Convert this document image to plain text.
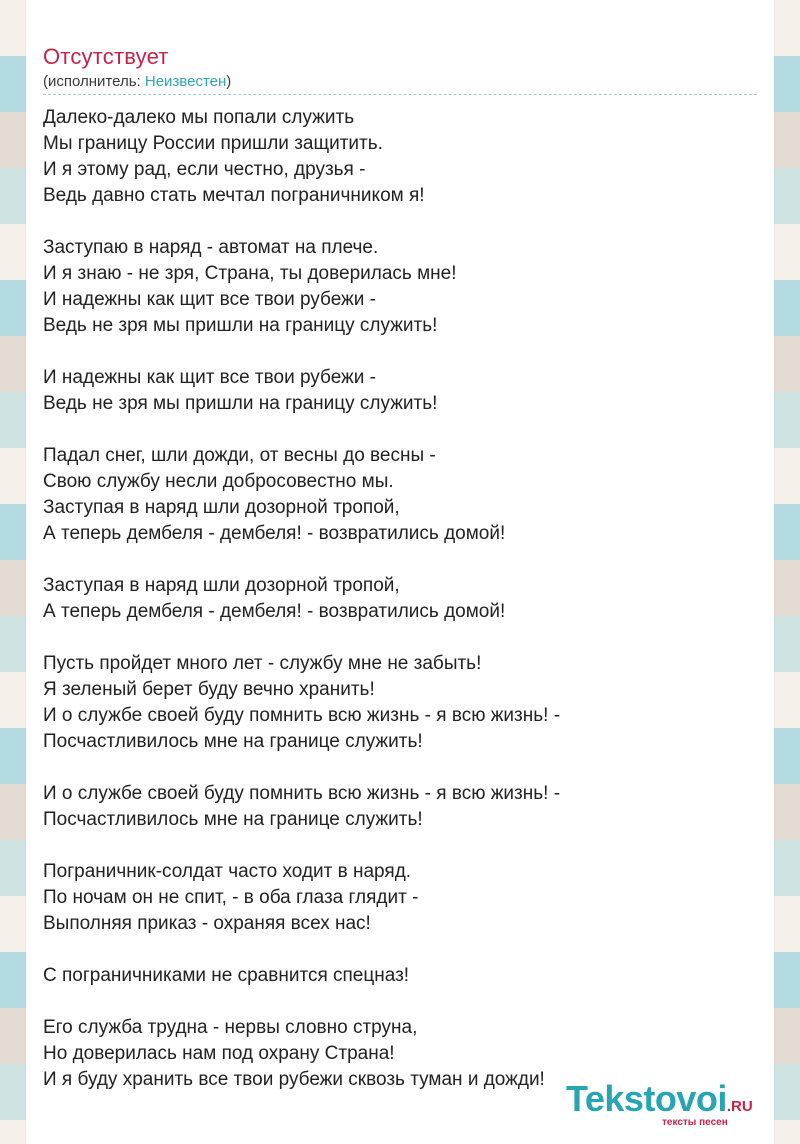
Отсутствует
(исполнитель: Неизвестен)
Далеко-далеко мы попали служить
Мы границу России пришли защитить.
И я этому рад, если честно, друзья -
Ведь давно стать мечтал пограничником я!
Заступаю в наряд - автомат на плече.
И я знаю - не зря, Страна, ты доверилась мне!
И надежны как щит все твои рубежи -
Ведь не зря мы пришли на границу служить!
И надежны как щит все твои рубежи -
Ведь не зря мы пришли на границу служить!
Падал снег, шли дожди, от весны до весны -
Свою службу несли добросовестно мы.
Заступая в наряд шли дозорной тропой,
А теперь дембеля - дембеля! - возвратились домой!
Заступая в наряд шли дозорной тропой,
А теперь дембеля - дембеля! - возвратились домой!
Пусть пройдет много лет - службу мне не забыть!
Я зеленый берет буду вечно хранить!
И о службе своей буду помнить всю жизнь - я всю жизнь! -
Посчастливилось мне на границе служить!
И о службе своей буду помнить всю жизнь - я всю жизнь! -
Посчастливилось мне на границе служить!
Пограничник-солдат часто ходит в наряд.
По ночам он не спит, - в оба глаза глядит -
Выполняя приказ - охраняя всех нас!
С пограничниками не сравнится спецназ!
Его служба трудна - нервы словно струна,
Но доверилась нам под охрану Страна!
И я буду хранить все твои рубежи сквозь туман и дожди! Tekstovoi.RU
тексты песен
